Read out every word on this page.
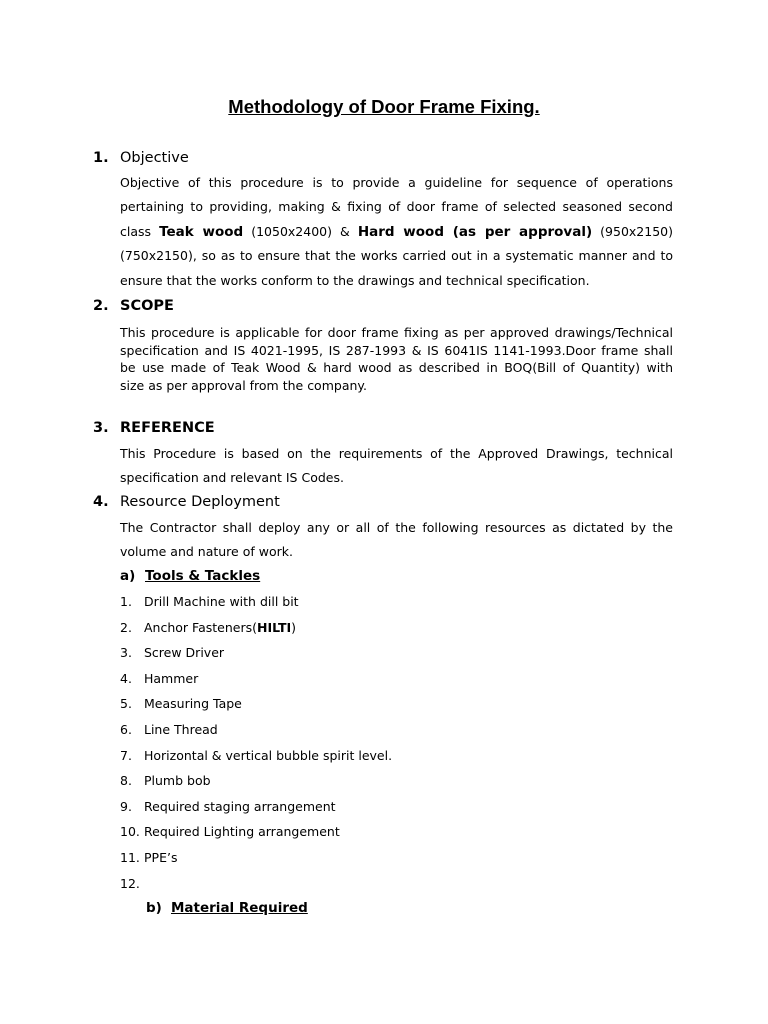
Methodology of Door Frame Fixing.
1. Objective
Objective of this procedure is to provide a guideline for sequence of operations
pertaining to providing, making & fixing of door frame of selected seasoned second
class Teak wood (1050x2400) & Hard wood (as per approval) (950x2150)
(750x2150), so as to ensure that the works carried out in a systematic manner and to
ensure that the works conform to the drawings and technical specification.
2. SCOPE
This procedure is applicable for door frame fixing as per approved drawings/Technical
specification and IS 4021-1995, IS 287-1993 & IS 6041IS 1141-1993.Door frame shall
be use made of Teak Wood & hard wood as described in BOQ(Bill of Quantity) with
size as per approval from the company.
3. REFERENCE
This Procedure is based on the requirements of the Approved Drawings, technical
specification and relevant IS Codes.
4. Resource Deployment
The Contractor shall deploy any or all of the following resources as dictated by the
volume and nature of work.
a) Tools & Tackles
1. Drill Machine with dill bit
2. Anchor Fasteners(HILTI)
3. Screw Driver
4. Hammer
5. Measuring Tape
6. Line Thread
7. Horizontal & vertical bubble spirit level.
8. Plumb bob
9. Required staging arrangement
10. Required Lighting arrangement
11. PPE’s
12.
b) Material Required
